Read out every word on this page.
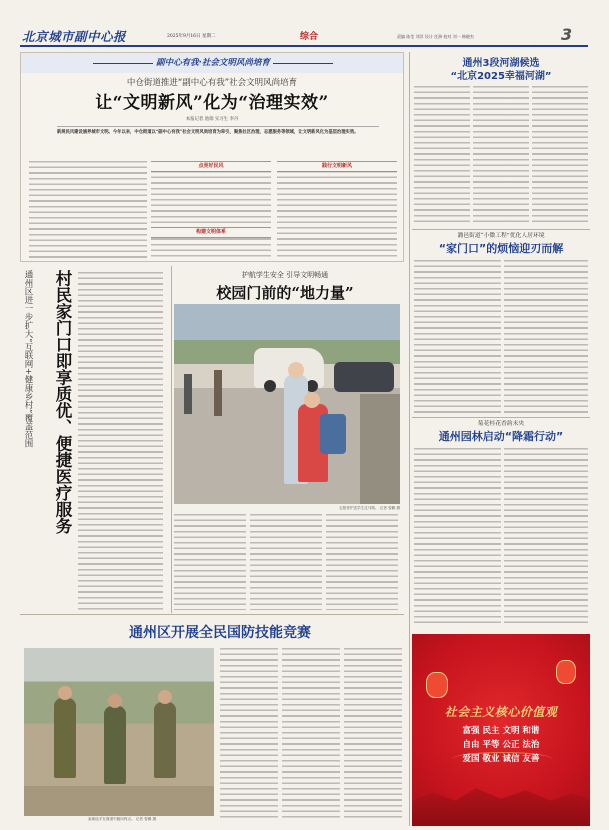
北京城市副中心报	2025年9月16日 星期二	综合	责编 陈莹 刘洋 设计 任洲 校对 刘一 韩晓杰	3
副中心有我·社会文明风尚培育
中仓街道推进“副中心有我”社会文明风尚培育
让“文明新风”化为“治理实效”
本报记者 池瑞 实习生 李丹
新规民风建设涵养城市文明。今年以来，中仓街道以“副中心有我”社会文明风尚培育为牵引，聚焦社区治理、志愿服务等领域，让文明新风化为基层治理实效。
点亮好民风	践行文明新风
构建文明体系
通州区进一步扩大“互联网+健康乡村”覆盖范围	村民家门口即享质优、便捷医疗服务	护航学生安全 引导文明畅通
校园门前的“地力量”
志愿者护送学生过马路。 记者 曾鹏 摄
通州区开展全民国防技能竞赛
参赛选手在赛道中跑向终点。 记者 曾鹏 摄
通州3段河湖候选
“北京2025幸福河湖”
潞邑街道“小微工程”优化人居环境
“家门口”的烦恼迎刃而解
菊花桂花香韵未央
通州园林启动“降霜行动”
社会主义核心价值观
富强 民主 文明 和谐
自由 平等 公正 法治
爱国 敬业 诚信 友善
